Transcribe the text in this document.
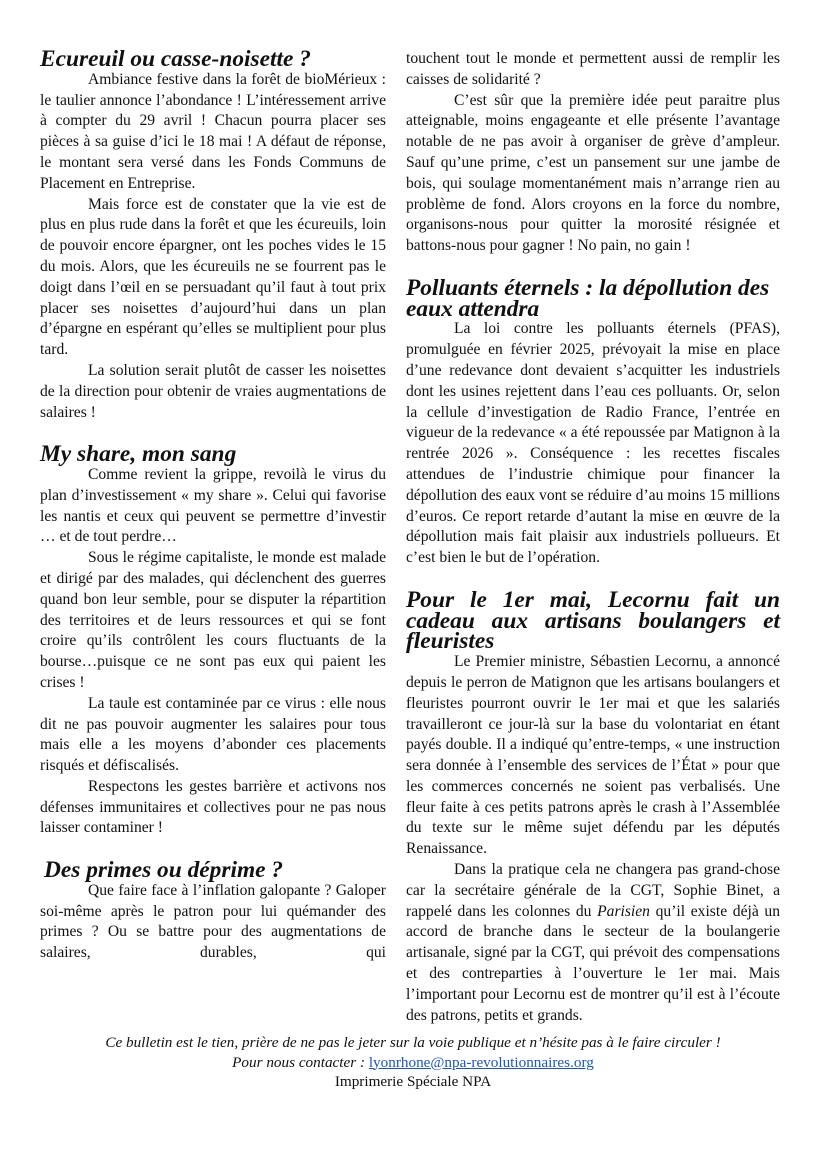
Ecureuil ou casse-noisette ?

Ambiance festive dans la forêt de bioMérieux : le taulier annonce l’abondance ! L’intéressement arrive à compter du 29 avril ! Chacun pourra placer ses pièces à sa guise d’ici le 18 mai ! A défaut de réponse, le montant sera versé dans les Fonds Communs de Placement en Entreprise.

Mais force est de constater que la vie est de plus en plus rude dans la forêt et que les écureuils, loin de pouvoir encore épargner, ont les poches vides le 15 du mois. Alors, que les écureuils ne se fourrent pas le doigt dans l’œil en se persuadant qu’il faut à tout prix placer ses noisettes d’aujourd’hui dans un plan d’épargne en espérant qu’elles se multiplient pour plus tard.

La solution serait plutôt de casser les noisettes de la direction pour obtenir de vraies augmentations de salaires !

My share, mon sang

Comme revient la grippe, revoilà le virus du plan d’investissement « my share ». Celui qui favorise les nantis et ceux qui peuvent se permettre d’investir … et de tout perdre…

Sous le régime capitaliste, le monde est malade et dirigé par des malades, qui déclenchent des guerres quand bon leur semble, pour se disputer la répartition des territoires et de leurs ressources et qui se font croire qu’ils contrôlent les cours fluctuants de la bourse…puisque ce ne sont pas eux qui paient les crises !

La taule est contaminée par ce virus : elle nous dit ne pas pouvoir augmenter les salaires pour tous mais elle a les moyens d’abonder ces placements risqués et défiscalisés.

Respectons les gestes barrière et activons nos défenses immunitaires et collectives pour ne pas nous laisser contaminer !

Des primes ou déprime ?

Que faire face à l’inflation galopante ? Galoper soi-même après le patron pour lui quémander des primes ? Ou se battre pour des augmentations de salaires, durables, qui

touchent tout le monde et permettent aussi de remplir les caisses de solidarité ?

C’est sûr que la première idée peut paraitre plus atteignable, moins engageante et elle présente l’avantage notable de ne pas avoir à organiser de grève d’ampleur. Sauf qu’une prime, c’est un pansement sur une jambe de bois, qui soulage momentanément mais n’arrange rien au problème de fond. Alors croyons en la force du nombre, organisons-nous pour quitter la morosité résignée et battons-nous pour gagner ! No pain, no gain !

Polluants éternels : la dépollution des eaux attendra

La loi contre les polluants éternels (PFAS), promulguée en février 2025, prévoyait la mise en place d’une redevance dont devaient s’acquitter les industriels dont les usines rejettent dans l’eau ces polluants. Or, selon la cellule d’investigation de Radio France, l’entrée en vigueur de la redevance « a été repoussée par Matignon à la rentrée 2026 ». Conséquence : les recettes fiscales attendues de l’industrie chimique pour financer la dépollution des eaux vont se réduire d’au moins 15 millions d’euros. Ce report retarde d’autant la mise en œuvre de la dépollution mais fait plaisir aux industriels pollueurs. Et c’est bien le but de l’opération.

Pour le 1er mai, Lecornu fait un cadeau aux artisans boulangers et fleuristes

Le Premier ministre, Sébastien Lecornu, a annoncé depuis le perron de Matignon que les artisans boulangers et fleuristes pourront ouvrir le 1er mai et que les salariés travailleront ce jour-là sur la base du volontariat en étant payés double. Il a indiqué qu’entre-temps, « une instruction sera donnée à l’ensemble des services de l’État » pour que les commerces concernés ne soient pas verbalisés. Une fleur faite à ces petits patrons après le crash à l’Assemblée du texte sur le même sujet défendu par les députés Renaissance.

Dans la pratique cela ne changera pas grand-chose car la secrétaire générale de la CGT, Sophie Binet, a rappelé dans les colonnes du Parisien qu’il existe déjà un accord de branche dans le secteur de la boulangerie artisanale, signé par la CGT, qui prévoit des compensations et des contreparties à l’ouverture le 1er mai. Mais l’important pour Lecornu est de montrer qu’il est à l’écoute des patrons, petits et grands.

Ce bulletin est le tien, prière de ne pas le jeter sur la voie publique et n’hésite pas à le faire circuler !
Pour nous contacter : lyonrhone@npa-revolutionnaires.org
Imprimerie Spéciale NPA
